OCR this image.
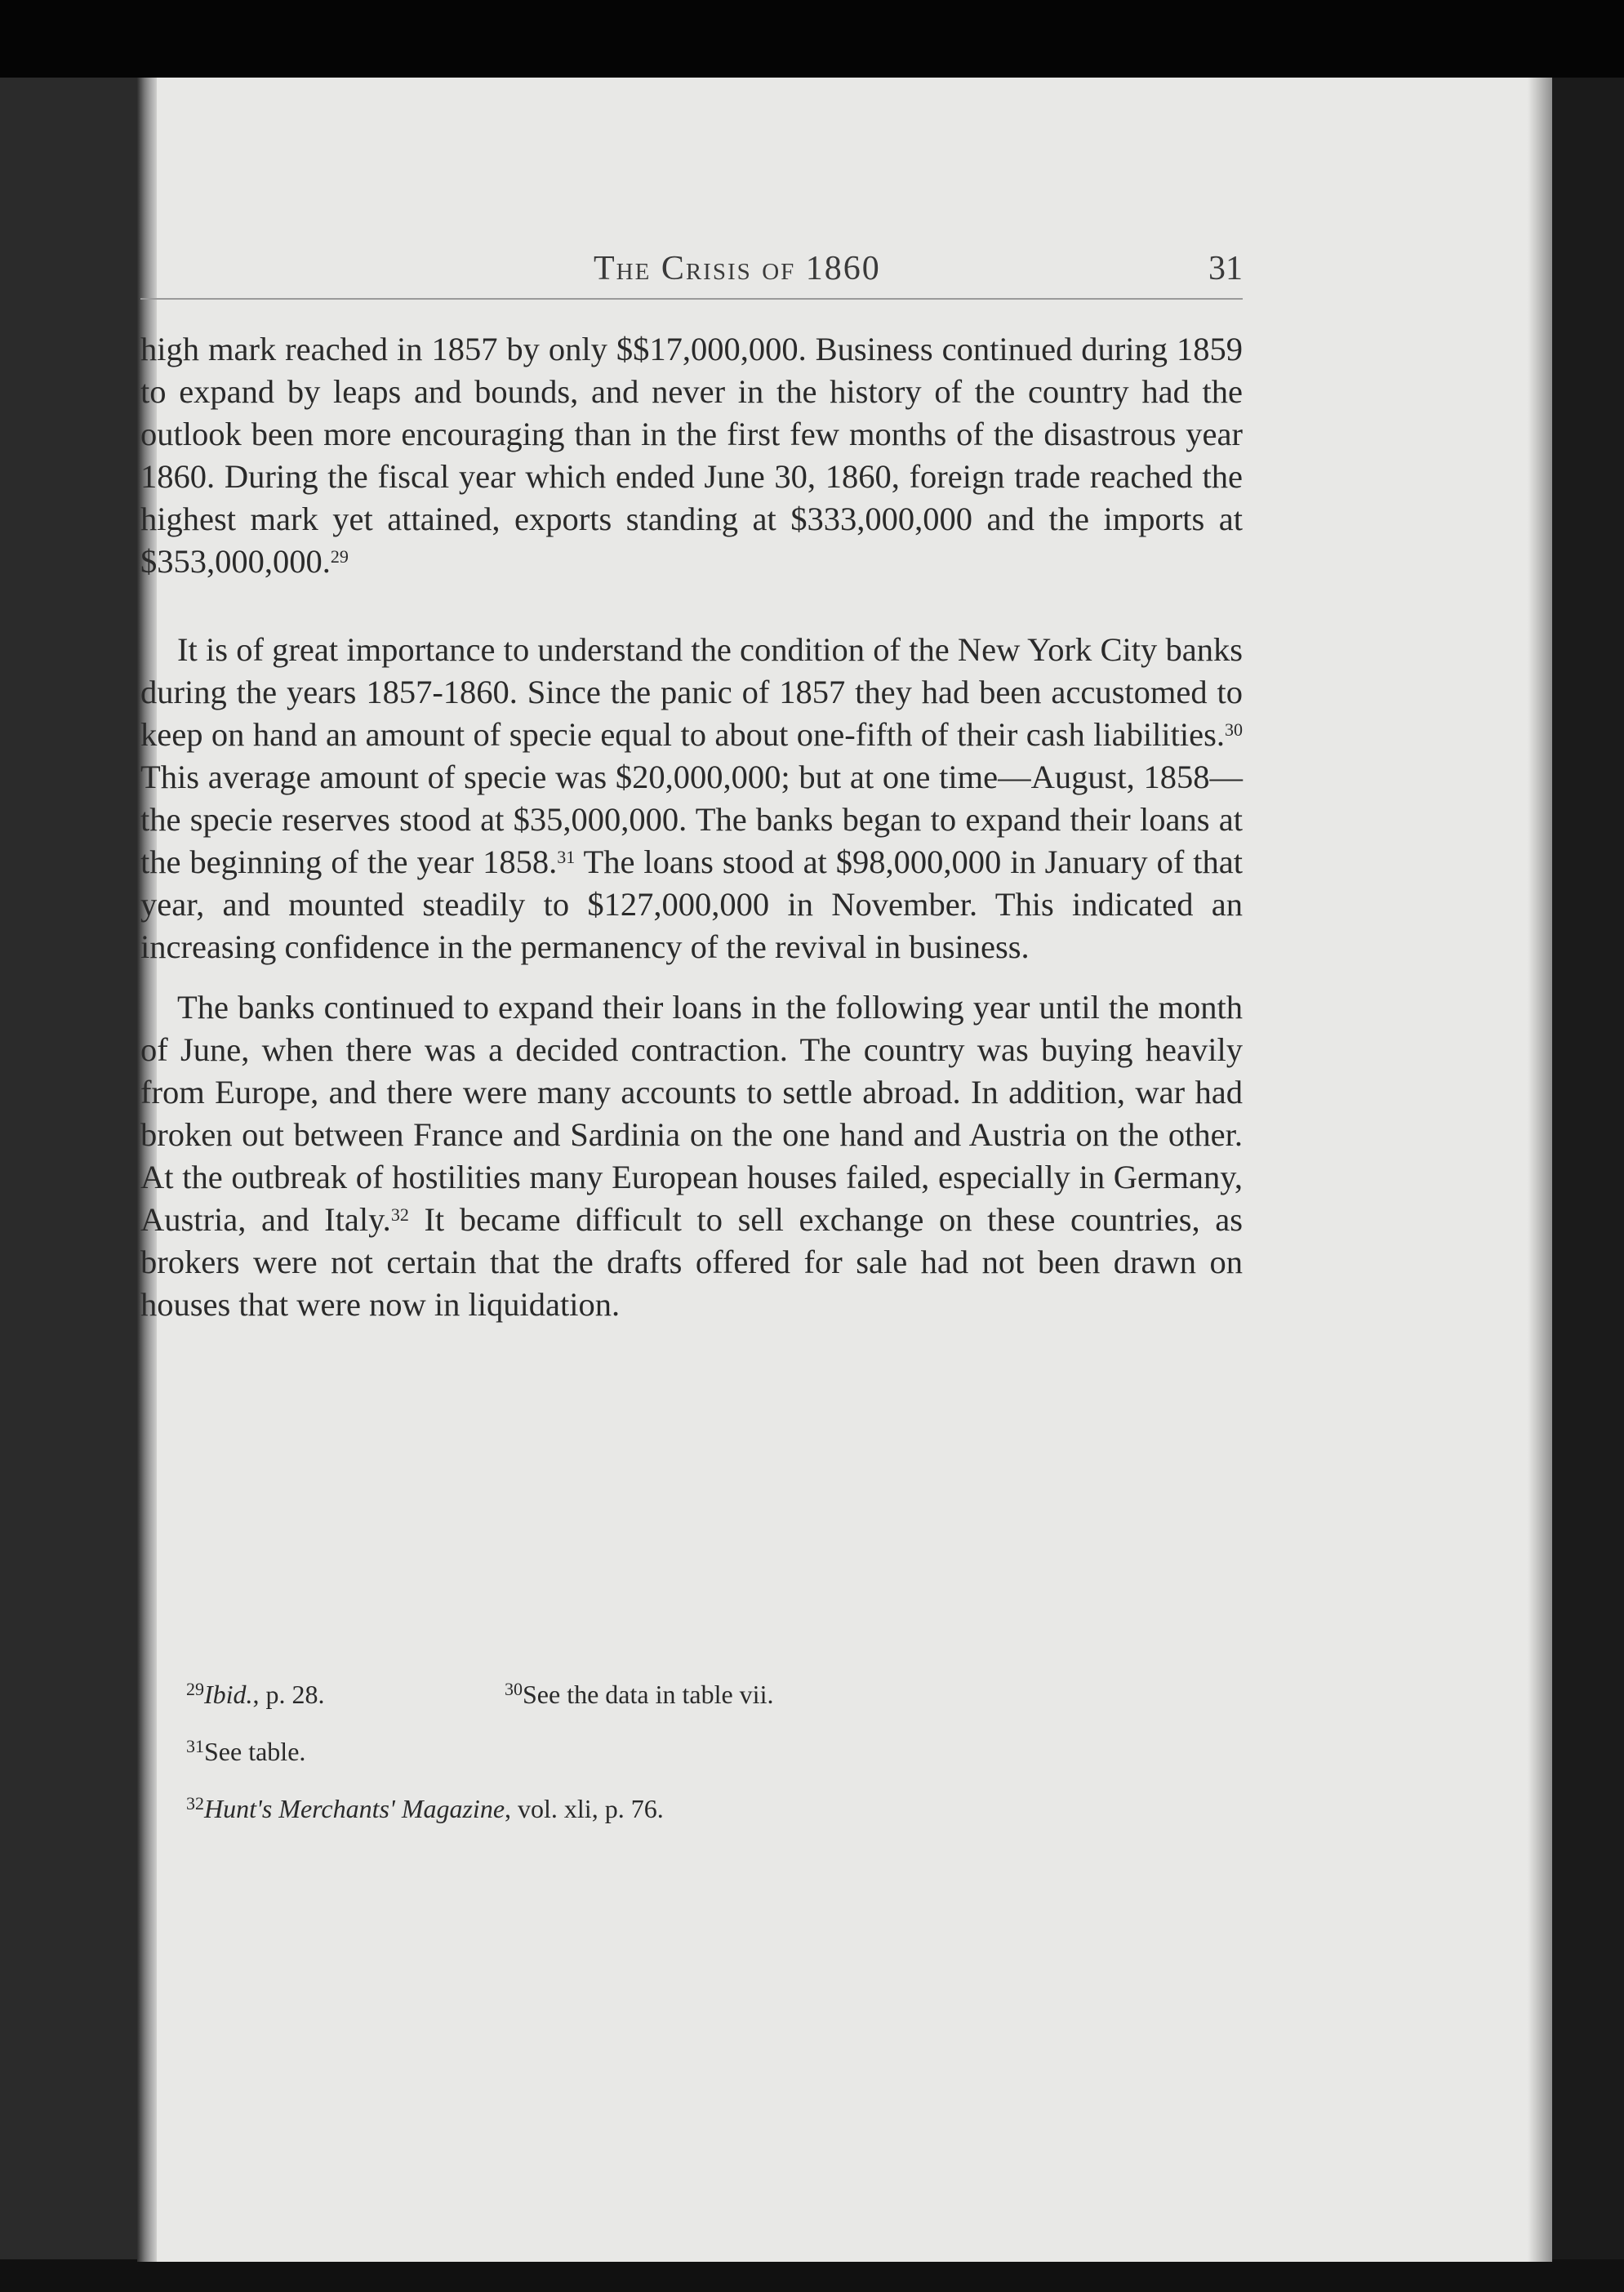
The Crisis of 1860	31

high mark reached in 1857 by only $$17,000,000. Business continued during 1859 to expand by leaps and bounds, and never in the history of the country had the outlook been more encouraging than in the first few months of the disastrous year 1860. During the fiscal year which ended June 30, 1860, foreign trade reached the highest mark yet attained, exports standing at $333,000,000 and the imports at $353,000,000.29

It is of great importance to understand the condition of the New York City banks during the years 1857-1860. Since the panic of 1857 they had been accustomed to keep on hand an amount of specie equal to about one-fifth of their cash liabilities.$^{30}$ This average amount of specie was $20,000,000; but at one time—August, 1858—the specie reserves stood at $35,000,000. The banks began to expand their loans at the beginning of the year 1858.31 The loans stood at $98,000,000 in January of that year, and mounted steadily to $127,000,000 in November. This indicated an increasing confidence in the permanency of the revival in business.

The banks continued to expand their loans in the following year until the month of June, when there was a decided contraction. The country was buying heavily from Europe, and there were many accounts to settle abroad. In addition, war had broken out between France and Sardinia on the one hand and Austria on the other. At the outbreak of hostilities many European houses failed, especially in Germany, Austria, and Italy.$^{32}$ It became difficult to sell exchange on these countries, as brokers were not certain that the drafts offered for sale had not been drawn on houses that were now in liquidation.

$^{29}$Ibid., p. 28.	$^{30}$See the data in table vii.
$^{31}$See table.
$^{32}$Hunt's Merchants' Magazine, vol. xli, p. 76.
